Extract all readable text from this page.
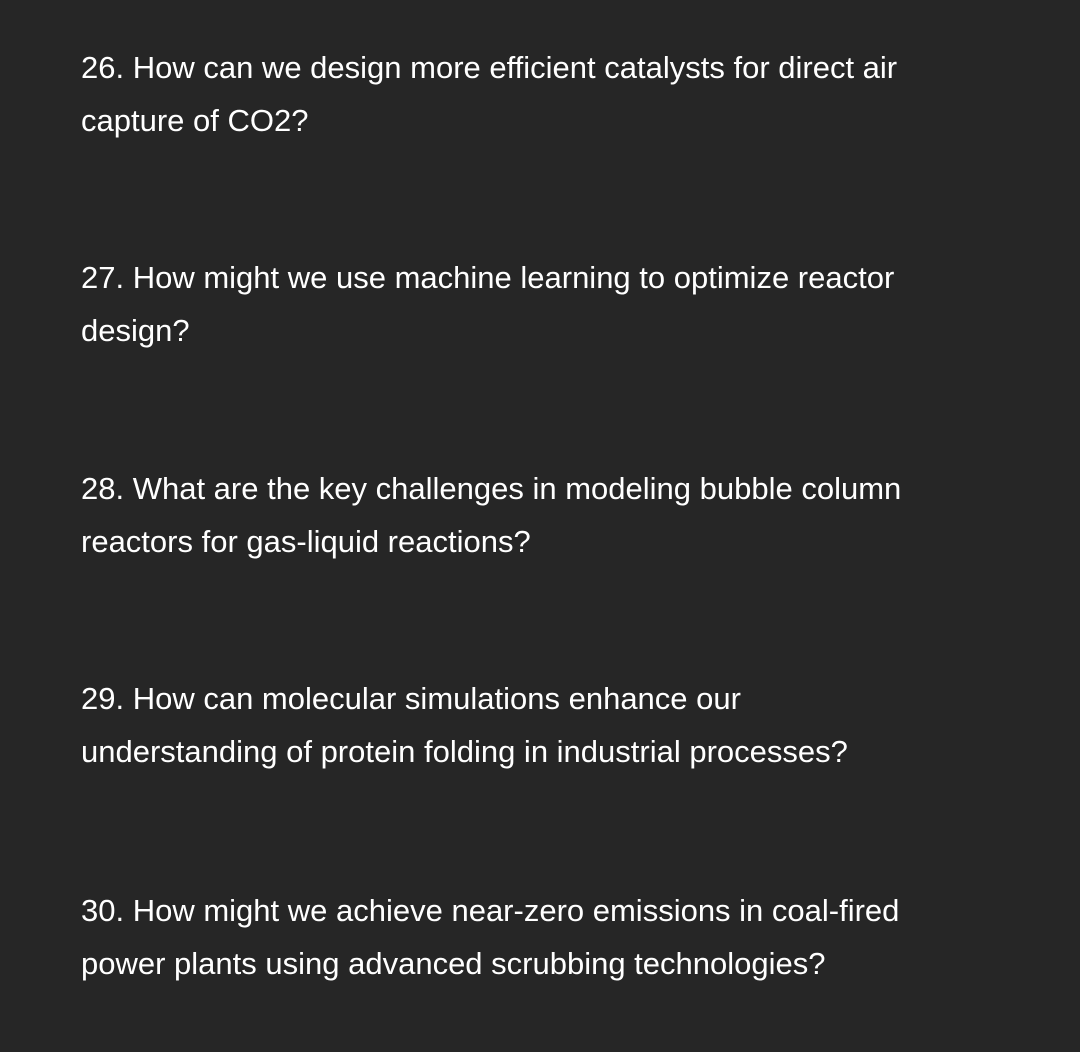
26. How can we design more efficient catalysts for direct air
capture of CO2?

27. How might we use machine learning to optimize reactor
design?

28. What are the key challenges in modeling bubble column
reactors for gas-liquid reactions?

29. How can molecular simulations enhance our
understanding of protein folding in industrial processes?

30. How might we achieve near-zero emissions in coal-fired
power plants using advanced scrubbing technologies?
